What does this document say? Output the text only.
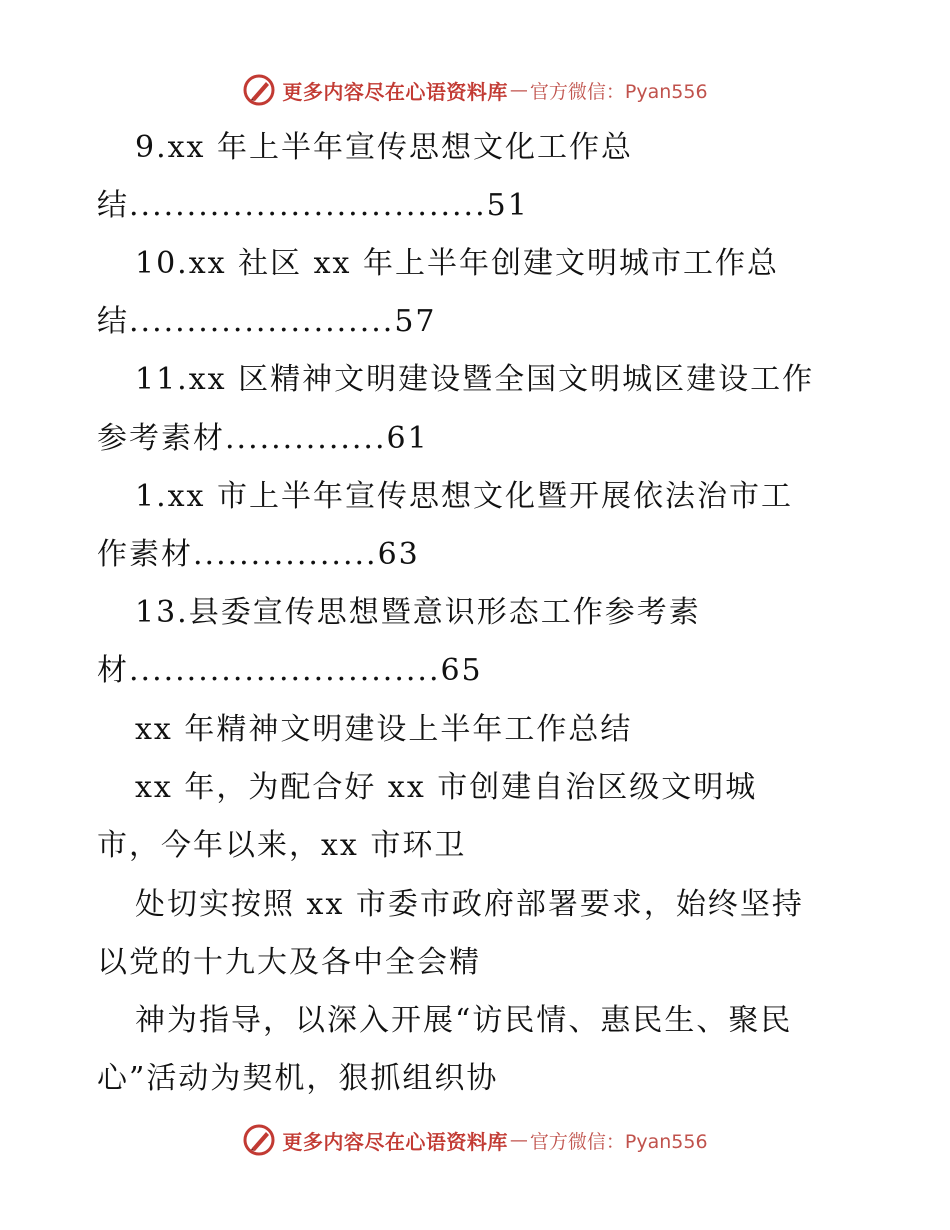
更多内容尽在心语资料库 — 官方微信：Pyan556

9.xx 年上半年宣传思想文化工作总

结...............................51

10.xx 社区 xx 年上半年创建文明城市工作总

结.......................57

11.xx 区精神文明建设暨全国文明城区建设工作

参考素材..............61

1.xx 市上半年宣传思想文化暨开展依法治市工

作素材................63

13.县委宣传思想暨意识形态工作参考素

材...........................65

xx 年精神文明建设上半年工作总结

xx 年，为配合好 xx 市创建自治区级文明城

市，今年以来，xx 市环卫

处切实按照 xx 市委市政府部署要求，始终坚持

以党的十九大及各中全会精

神为指导，以深入开展“访民情、惠民生、聚民

心”活动为契机，狠抓组织协

更多内容尽在心语资料库 — 官方微信：Pyan556
